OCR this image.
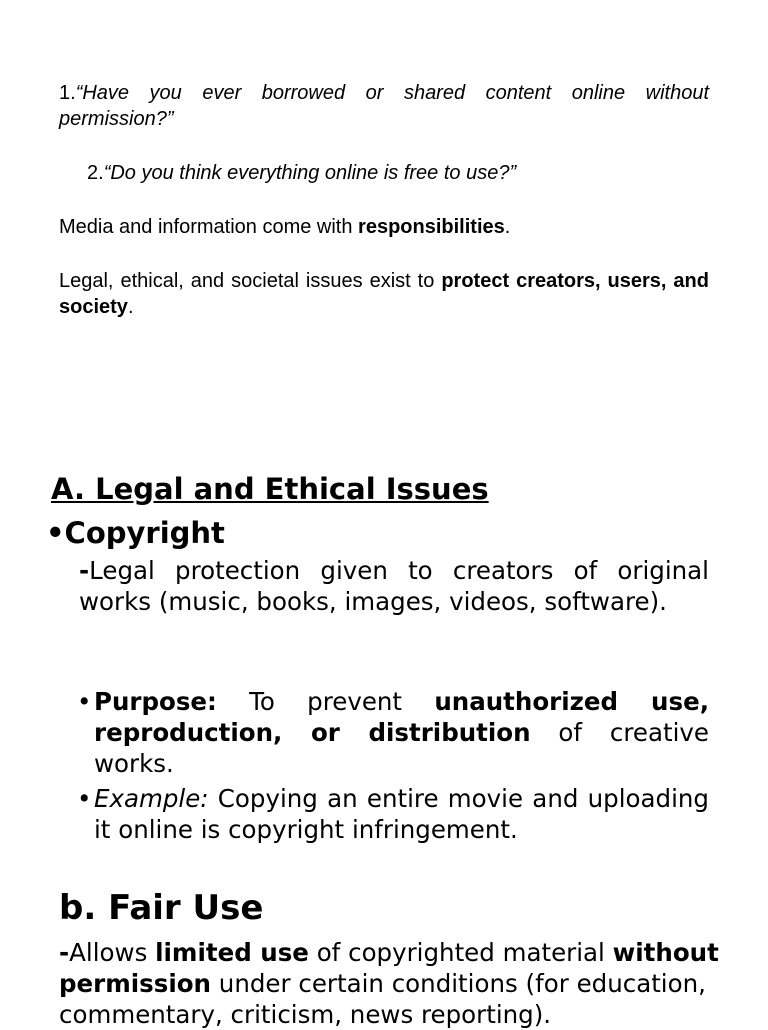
1.“Have you ever borrowed or shared content online without permission?”

2.“Do you think everything online is free to use?”

Media and information come with responsibilities.

Legal, ethical, and societal issues exist to protect creators, users, and society.

A. Legal and Ethical Issues
•Copyright
-Legal protection given to creators of original works (music, books, images, videos, software).
• Purpose: To prevent unauthorized use, reproduction, or distribution of creative works.
• Example: Copying an entire movie and uploading it online is copyright infringement.
b. Fair Use
-Allows limited use of copyrighted material without permission under certain conditions (for education, commentary, criticism, news reporting).
